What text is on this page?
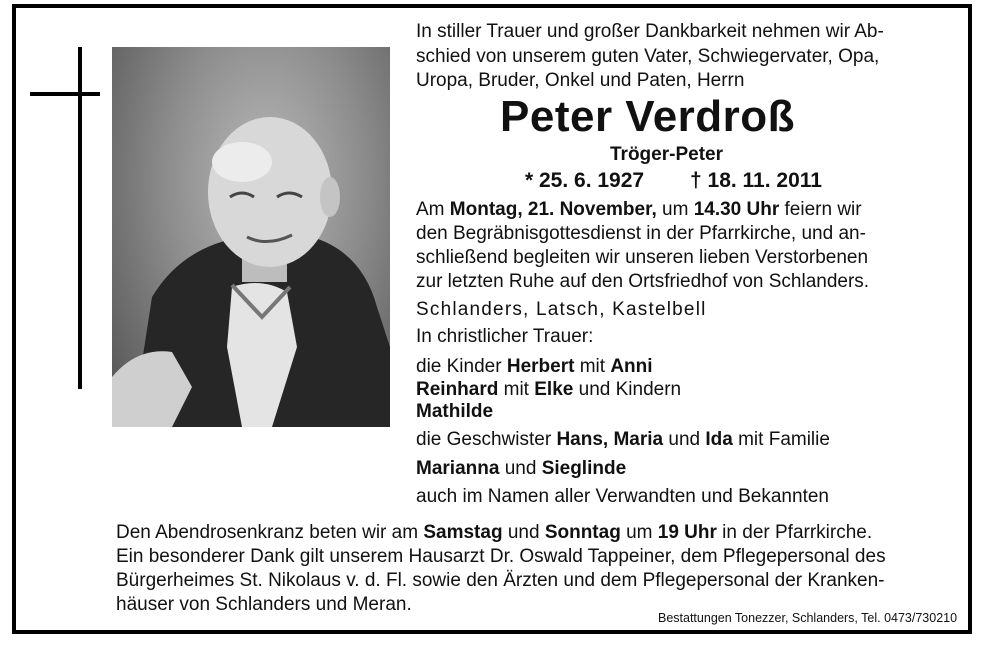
In stiller Trauer und großer Dankbarkeit nehmen wir Ab-
schied von unserem guten Vater, Schwiegervater, Opa,
Uropa, Bruder, Onkel und Paten, Herrn
Peter Verdroß
Tröger-Peter
* 25. 6. 1927 † 18. 11. 2011
Am Montag, 21. November, um 14.30 Uhr feiern wir
den Begräbnisgottesdienst in der Pfarrkirche, und an-
schließend begleiten wir unseren lieben Verstorbenen
zur letzten Ruhe auf den Ortsfriedhof von Schlanders.
Schlanders, Latsch, Kastelbell
In christlicher Trauer:
die Kinder Herbert mit Anni
Reinhard mit Elke und Kindern
Mathilde
die Geschwister Hans, Maria und Ida mit Familie
Marianna und Sieglinde
auch im Namen aller Verwandten und Bekannten
Den Abendrosenkranz beten wir am Samstag und Sonntag um 19 Uhr in der Pfarrkirche.
Ein besonderer Dank gilt unserem Hausarzt Dr. Oswald Tappeiner, dem Pflegepersonal des
Bürgerheimes St. Nikolaus v. d. Fl. sowie den Ärzten und dem Pflegepersonal der Kranken-
häuser von Schlanders und Meran.
Bestattungen Tonezzer, Schlanders, Tel. 0473/730210
